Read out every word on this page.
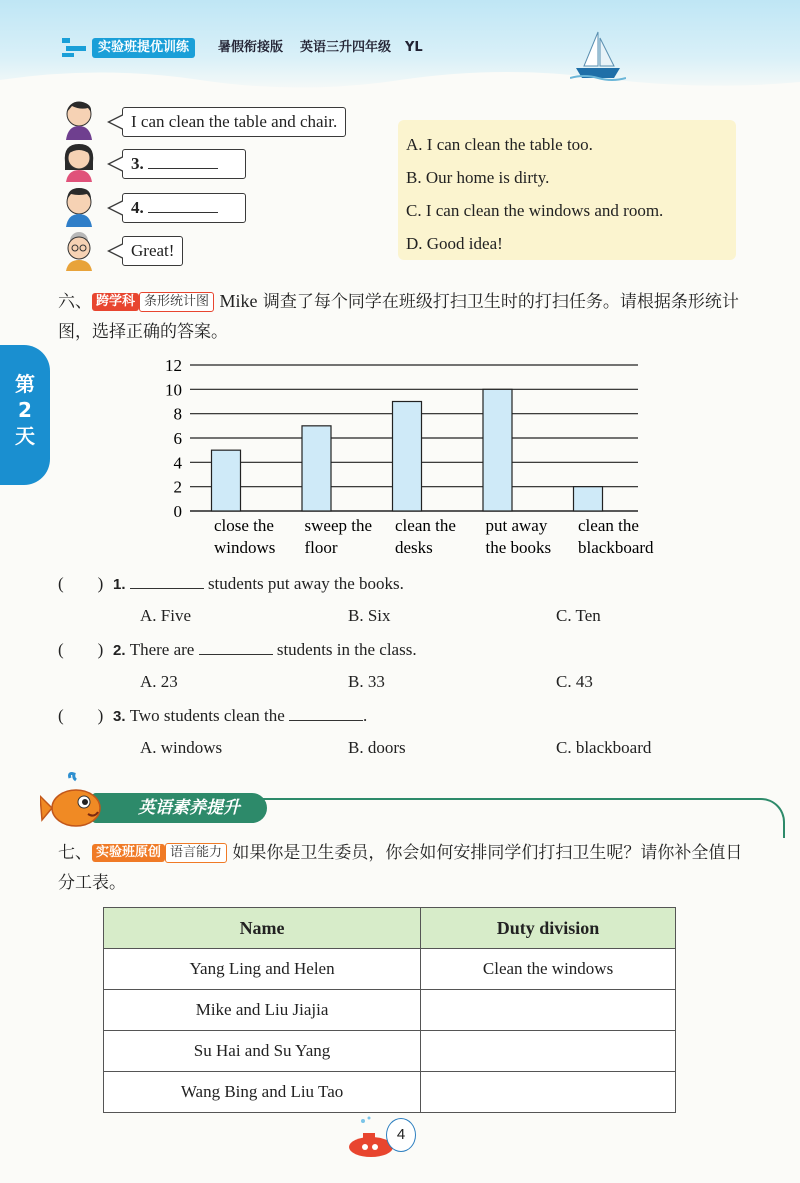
实验班提优训练	暑假衔接版 英语三升四年级 YL
第
2
天
I can clean the table and chair.
3.
4.
Great!
A. I can clean the table too.
B. Our home is dirty.
C. I can clean the windows and room.
D. Good idea!
六、 跨学科 条形统计图 Mike 调查了每个同学在班级打扫卫生时的打扫任务。请根据条形统计图，选择正确的答案。
0
2
4
6
8
10
12
close the
windows
sweep the
floor
clean the
desks
put away
the books
clean the
blackboard
(        ) 1.	students put away the books.
A. Five	B. Six	C. Ten
(        ) 2. There are	students in the class.
A. 23	B. 33	C. 43
(        ) 3. Two students clean the	.
A. windows	B. doors	C. blackboard
英语素养提升
七、 实验班原创 语言能力 如果你是卫生委员，你会如何安排同学们打扫卫生呢？请你补全值日分工表。
Name	Duty division
Yang Ling and Helen	Clean the windows
Mike and Liu Jiajia	
Su Hai and Su Yang	
Wang Bing and Liu Tao	
4
